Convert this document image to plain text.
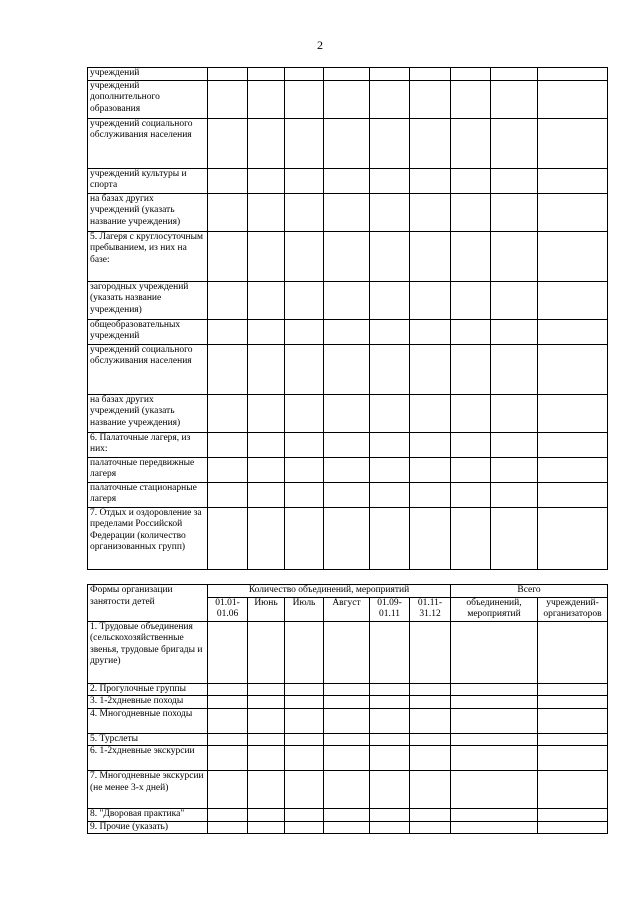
2
учреждений									
учреждений дополнительного образования									
учреждений социального обслуживания населения									
учреждений культуры и спорта									
на базах других учреждений (указать название учреждения)									
5. Лагеря с круглосуточным пребыванием, из них на базе:									
загородных учреждений (указать название учреждения)									
общеобразовательных учреждений									
учреждений социального обслуживания населения									
на базах других учреждений (указать название учреждения)									
6. Палаточные лагеря, из них:									
палаточные передвижные лагеря									
палаточные стационарные лагеря									
7. Отдых и оздоровление за пределами Российской Федерации (количество организованных групп)									
Формы организации занятости детей	Количество объединений, мероприятий						Всего	
	01.01-01.06	Июнь	Июль	Август	01.09-01.11	01.11-31.12	объединений, мероприятий	учреждений-организаторов
1. Трудовые объединения (сельскохозяйственные звенья, трудовые бригады и другие)								
2. Прогулочные группы								
3. 1-2хдневные походы								
4. Многодневные походы								
5. Турслеты								
6. 1-2хдневные экскурсии								
7. Многодневные экскурсии (не менее 3-х дней)								
8. "Дворовая практика"								
9. Прочие (указать)								
